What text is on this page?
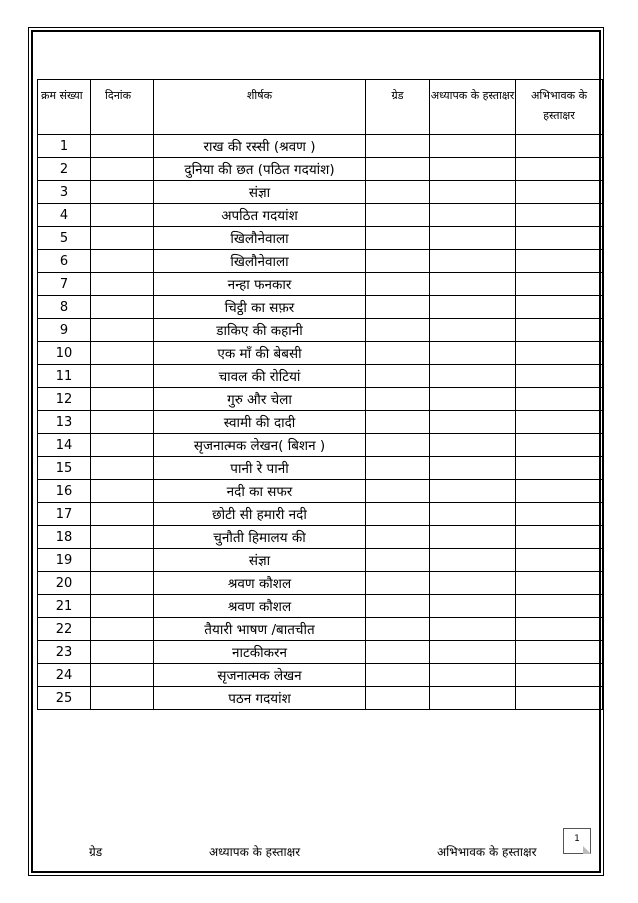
क्रम संख्या	दिनांक	शीर्षक	ग्रेड	अध्यापक के हस्ताक्षर	अभिभावक के हस्ताक्षर
1		राख की रस्सी (श्रवण )			
2		दुनिया की छत (पठित गदयांश)			
3		संज्ञा			
4		अपठित गदयांश			
5		खिलौनेवाला			
6		खिलौनेवाला			
7		नन्हा फनकार			
8		चिट्ठी का सफ़र			
9		डाकिए की कहानी			
10		एक माँ की बेबसी			
11		चावल की रोटियां			
12		गुरु और चेला			
13		स्वामी की दादी			
14		सृजनात्मक लेखन( बिशन )			
15		पानी रे पानी			
16		नदी का सफर			
17		छोटी सी हमारी नदी			
18		चुनौती हिमालय की			
19		संज्ञा			
20		श्रवण कौशल			
21		श्रवण कौशल			
22		तैयारी भाषण /बातचीत			
23		नाटकीकरन			
24		सृजनात्मक लेखन			
25		पठन गदयांश			
ग्रेड	अध्यापक के हस्ताक्षर	अभिभावक के हस्ताक्षर
1
